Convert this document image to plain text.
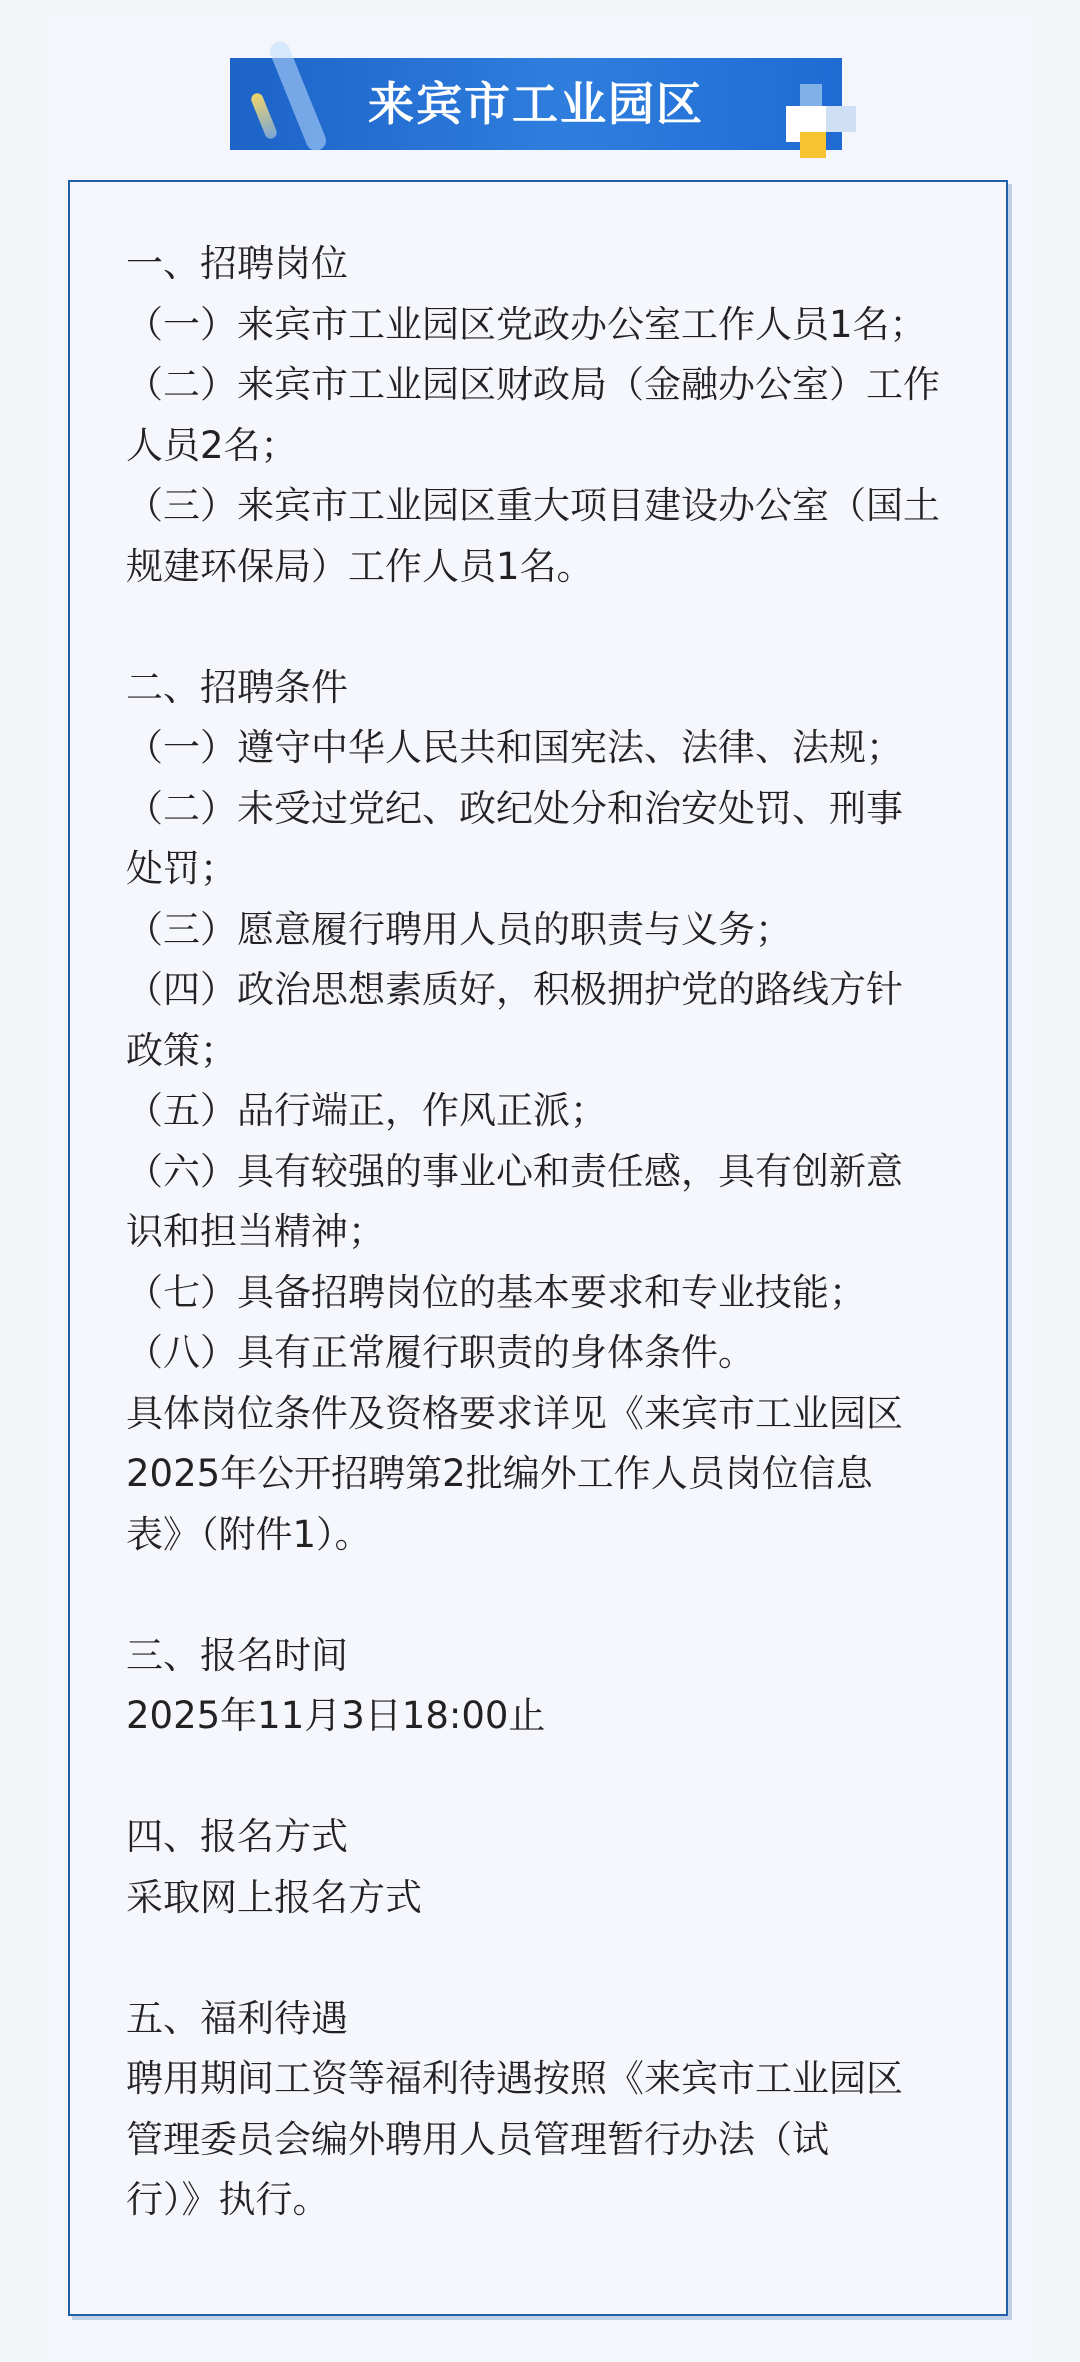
来宾市工业园区
一、招聘岗位
（一）来宾市工业园区党政办公室工作人员1名；
（二）来宾市工业园区财政局（金融办公室）工作
人员2名；
（三）来宾市工业园区重大项目建设办公室（国土
规建环保局）工作人员1名。
二、招聘条件
（一）遵守中华人民共和国宪法、法律、法规；
（二）未受过党纪、政纪处分和治安处罚、刑事
处罚；
（三）愿意履行聘用人员的职责与义务；
（四）政治思想素质好，积极拥护党的路线方针
政策；
（五）品行端正，作风正派；
（六）具有较强的事业心和责任感，具有创新意
识和担当精神；
（七）具备招聘岗位的基本要求和专业技能；
（八）具有正常履行职责的身体条件。
具体岗位条件及资格要求详见《来宾市工业园区
2025年公开招聘第2批编外工作人员岗位信息
表》（附件1）。
三、报名时间
2025年11月3日18:00止
四、报名方式
采取网上报名方式
五、福利待遇
聘用期间工资等福利待遇按照《来宾市工业园区
管理委员会编外聘用人员管理暂行办法（试
行）》执行。
